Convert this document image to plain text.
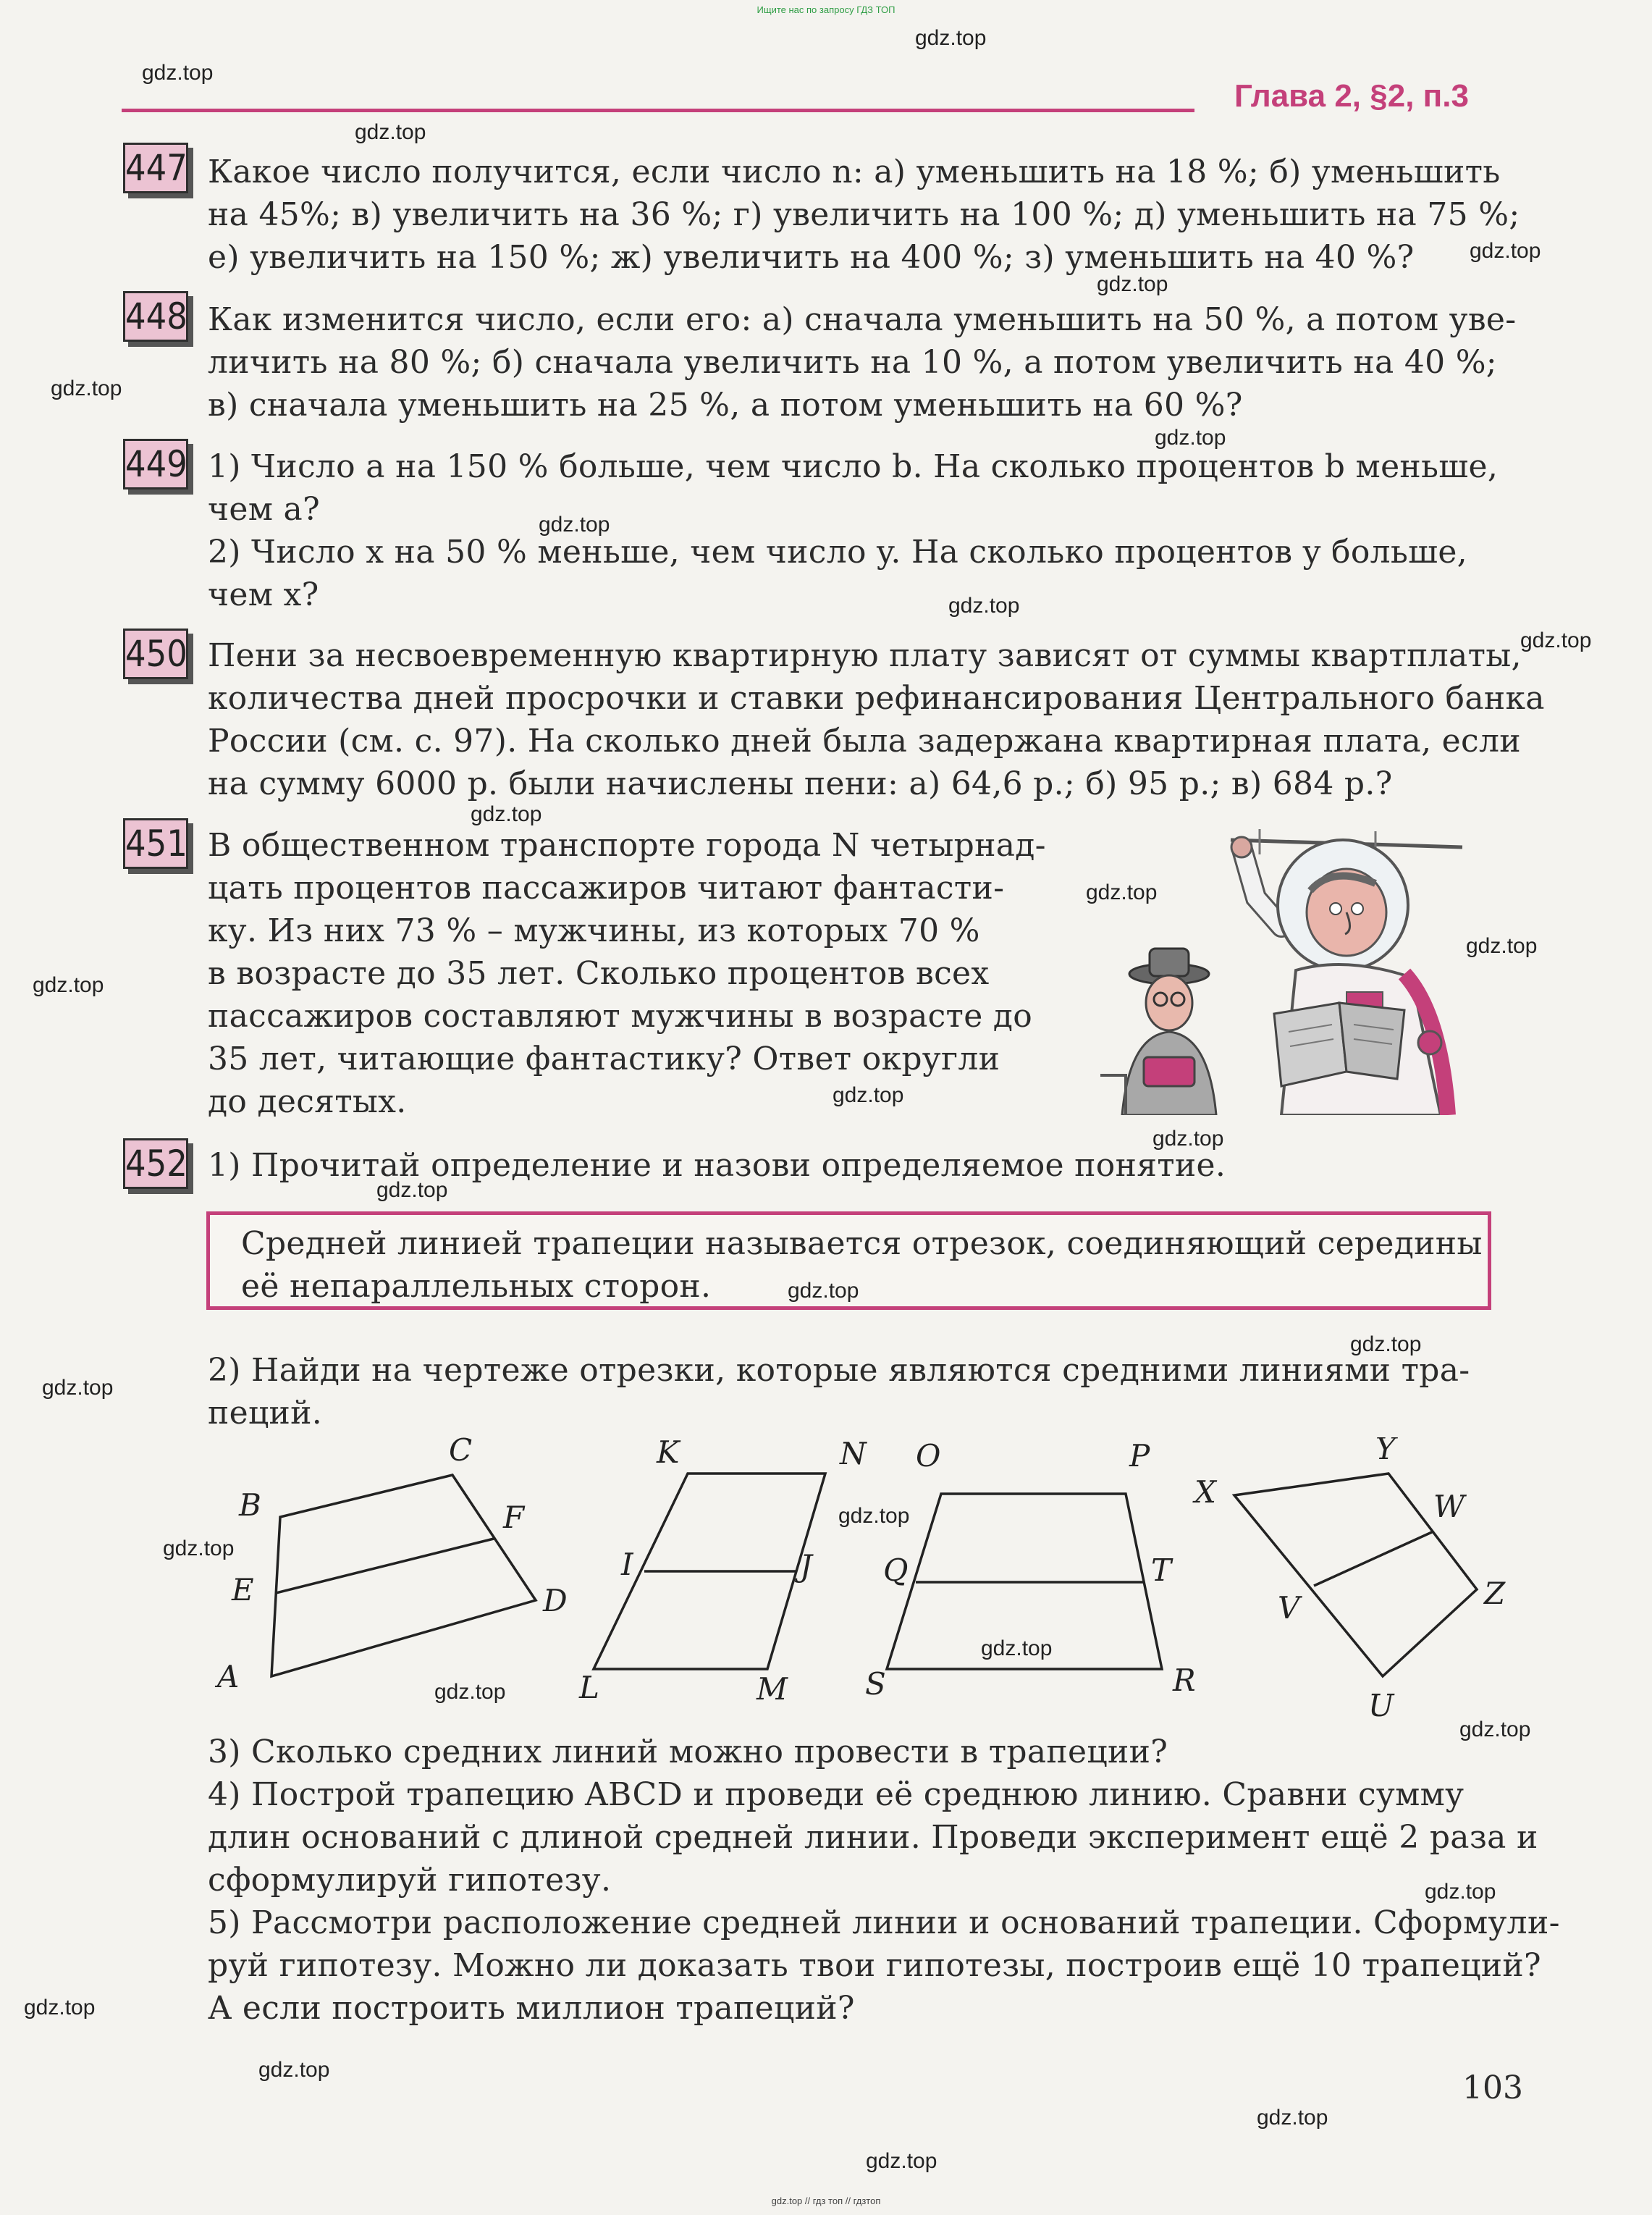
Ищите нас по запросу ГДЗ ТОП
Глава 2, §2, п.3
447 Какое число получится, если число n: а) уменьшить на 18 %; б) уменьшить
на 45%; в) увеличить на 36 %; г) увеличить на 100 %; д) уменьшить на 75 %;
е) увеличить на 150 %; ж) увеличить на 400 %; з) уменьшить на 40 %?
448 Как изменится число, если его: а) сначала уменьшить на 50 %, а потом уве-
личить на 80 %; б) сначала увеличить на 10 %, а потом увеличить на 40 %;
в) сначала уменьшить на 25 %, а потом уменьшить на 60 %?
449 1) Число a на 150 % больше, чем число b. На сколько процентов b меньше,
чем a?
2) Число x на 50 % меньше, чем число y. На сколько процентов y больше,
чем x?
450 Пени за несвоевременную квартирную плату зависят от суммы квартплаты,
количества дней просрочки и ставки рефинансирования Центрального банка
России (см. с. 97). На сколько дней была задержана квартирная плата, если
на сумму 6000 р. были начислены пени: а) 64,6 р.; б) 95 р.; в) 684 р.?
451 В общественном транспорте города N четырнад-
цать процентов пассажиров читают фантасти-
ку. Из них 73 % – мужчины, из которых 70 %
в возрасте до 35 лет. Сколько процентов всех
пассажиров составляют мужчины в возрасте до
35 лет, читающие фантастику? Ответ округли
до десятых.
452 1) Прочитай определение и назови определяемое понятие.
Средней линией трапеции называется отрезок, соединяющий середины
её непараллельных сторон.
2) Найди на чертеже отрезки, которые являются средними линиями тра-
пеций.
A
B
C
D
E
F
K	N
I	J
L	M
O	P
Q	T
S	R
X
Y
W
Z
V
U
3) Сколько средних линий можно провести в трапеции?
4) Построй трапецию ABCD и проведи её среднюю линию. Сравни сумму
длин оснований с длиной средней линии. Проведи эксперимент ещё 2 раза и
сформулируй гипотезу.
5) Рассмотри расположение средней линии и оснований трапеции. Сформули-
руй гипотезу. Можно ли доказать твои гипотезы, построив ещё 10 трапеций?
А если построить миллион трапеций?
103
gdz.top
gdz.top
gdz.top
gdz.top
gdz.top
gdz.top
gdz.top
gdz.top
gdz.top
gdz.top
gdz.top
gdz.top
gdz.top
gdz.top
gdz.top
gdz.top
gdz.top
gdz.top
gdz.top
gdz.top
gdz.top
gdz.top
gdz.top
gdz.top
gdz.top
gdz.top
gdz.top
gdz.top
gdz.top
gdz.top
gdz.top // гдз топ // гдзтоп
